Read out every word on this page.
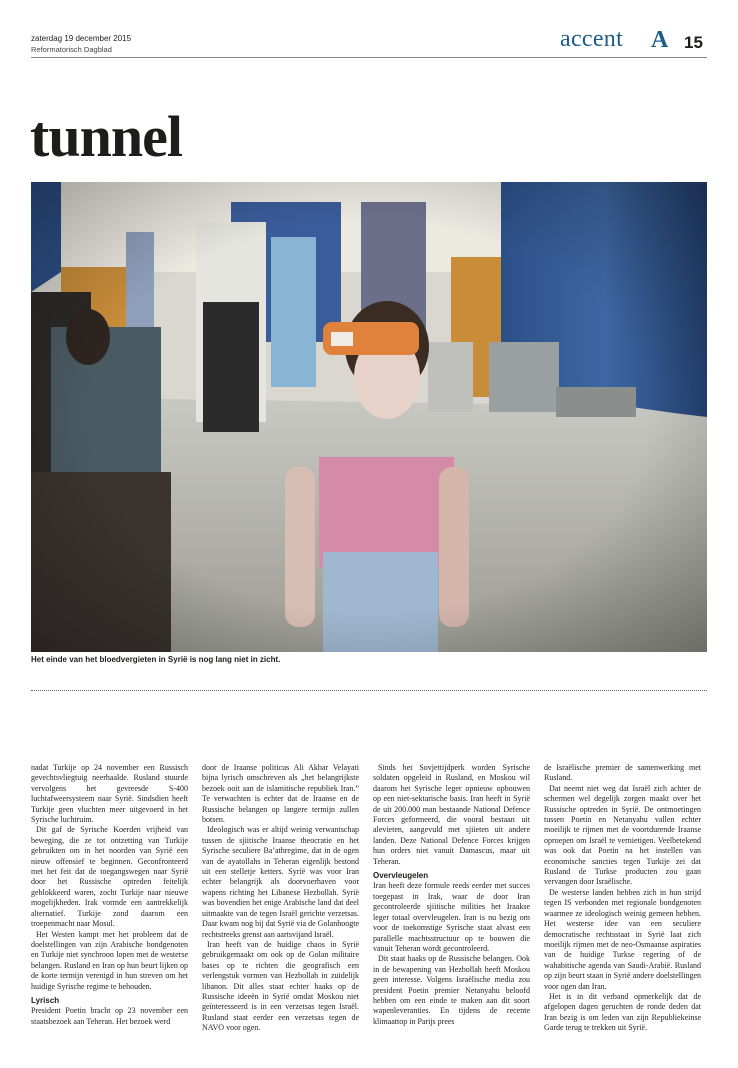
zaterdag 19 december 2015
Reformatorisch Dagblad	accent A 15
tunnel
Het einde van het bloedvergieten in Syrië is nog lang niet in zicht.

nadat Turkije op 24 november een Russisch gevechtsvliegtuig neerhaalde. Rusland stuurde vervolgens het gevreesde S-400 luchtafweersysteem naar Syrië. Sindsdien heeft Turkije geen vluchten meer uitgevoerd in het Syrische luchtruim.

Dit gaf de Syrische Koerden vrijheid van beweging, die ze tot ontzetting van Turkije gebruikten om in het noorden van Syrië een nieuw offensief te beginnen. Geconfronteerd met het feit dat de toegangswegen naar Syrië door het Russische optreden feitelijk geblokkeerd waren, zocht Turkije naar nieuwe mogelijkheden. Irak vormde een aantrekkelijk alternatief. Turkije zond daarom een troepenmacht naar Mosul.

Het Westen kampt met het probleem dat de doelstellingen van zijn Arabische bondgenoten en Turkije niet synchroon lopen met de westerse belangen. Rusland en Iran op hun beurt lijken op de korte termijn verenigd in hun streven om het huidige Syrische regime te behouden.

Lyrisch

President Poetin bracht op 23 november een staatsbezoek aan Teheran. Het bezoek werd

door de Iraanse politicus Ali Akbar Velayati bijna lyrisch omschreven als „het belangrijkste bezoek ooit aan de islamitische republiek Iran.” Te verwachten is echter dat de Iraanse en de Russische belangen op langere termijn zullen botsen.

Ideologisch was er altijd weinig verwantschap tussen de sjiitische Iraanse theocratie en het Syrische seculiere Ba’athregime, dat in de ogen van de ayatollahs in Teheran eigenlijk bestond uit een stelletje ketters. Syrië was voor Iran echter belangrijk als doorvoerhaven voor wapens richting het Libanese Hezbollah. Syrië was bovendien het enige Arabische land dat deel uitmaakte van de tegen Israël gerichte verzetsas. Daar kwam nog bij dat Syrië via de Golanhoogte rechtstreeks grenst aan aartsvijand Israël.

Iran heeft van de huidige chaos in Syrië gebruikgemaakt om ook op de Golan militaire bases op te richten die geografisch een verlengstuk vormen van Hezbollah in zuidelijk libanon. Dit alles staat echter haaks op de Russische ideeën in Syrië omdat Moskou niet geïnteresseerd is in een verzetsas tegen Israël. Rusland staat eerder een verzetsas tegen de NAVO voor ogen.

Sinds het Sovjettijdperk worden Syrische soldaten opgeleid in Rusland, en Moskou wil daarom het Syrische leger opnieuw opbouwen op een niet-sektarische basis. Iran heeft in Syrië de uit 200.000 man bestaande National Defence Forces geformeerd, die vooral bestaan uit alevieten, aangevuld met sjiieten uit andere landen. Deze National Defence Forces krijgen hun orders niet vanuit Damascus, maar uit Teheran.

Overvleugelen

Iran heeft deze formule reeds eerder met succes toegepast in Irak, waar de door Iran gecontroleerde sjiitische milities het Iraakse leger totaal overvleugelen. Iran is nu bezig om voor de toekomstige Syrische staat alvast een parallelle machtsstructuur op te bouwen die vanuit Teheran wordt gecontroleerd.

Dit staat haaks op de Russische belangen. Ook in de bewapening van Hezbollah heeft Moskou geen interesse. Volgens Israëlische media zou president Poetin premier Netanyahu beloofd hebben om een einde te maken aan dit soort wapenleveranties. En tijdens de recente klimaattop in Parijs prees

de Israëlische premier de samenwerking met Rusland.

Dat neemt niet weg dat Israël zich achter de schermen wel degelijk zorgen maakt over het Russische optreden in Syrië. De ontmoetingen tussen Poetin en Netanyahu vallen echter moeilijk te rijmen met de voortdurende Iraanse oproepen om Israël te vernietigen. Veelbetekend was ook dat Poetin na het instellen van economische sancties tegen Turkije zei dat Rusland de Turkse producten zou gaan vervangen door Israëlische.

De westerse landen hebben zich in hun strijd tegen IS verbonden met regionale bondgenoten waarmee ze ideologisch weinig gemeen hebben. Het westerse idee van een seculiere democratische rechtsstaat in Syrië laat zich moeilijk rijmen met de neo-Osmaanse aspiraties van de huidige Turkse regering of de wahabitische agenda van Saudi-Arabië. Rusland op zijn beurt staan in Syrië andere doelstellingen voor ogen dan Iran.

Het is in dit verband opmerkelijk dat de afgelopen dagen geruchten de ronde deden dat Iran bezig is om leden van zijn Republiekeinse Garde terug te trekken uit Syrië.
